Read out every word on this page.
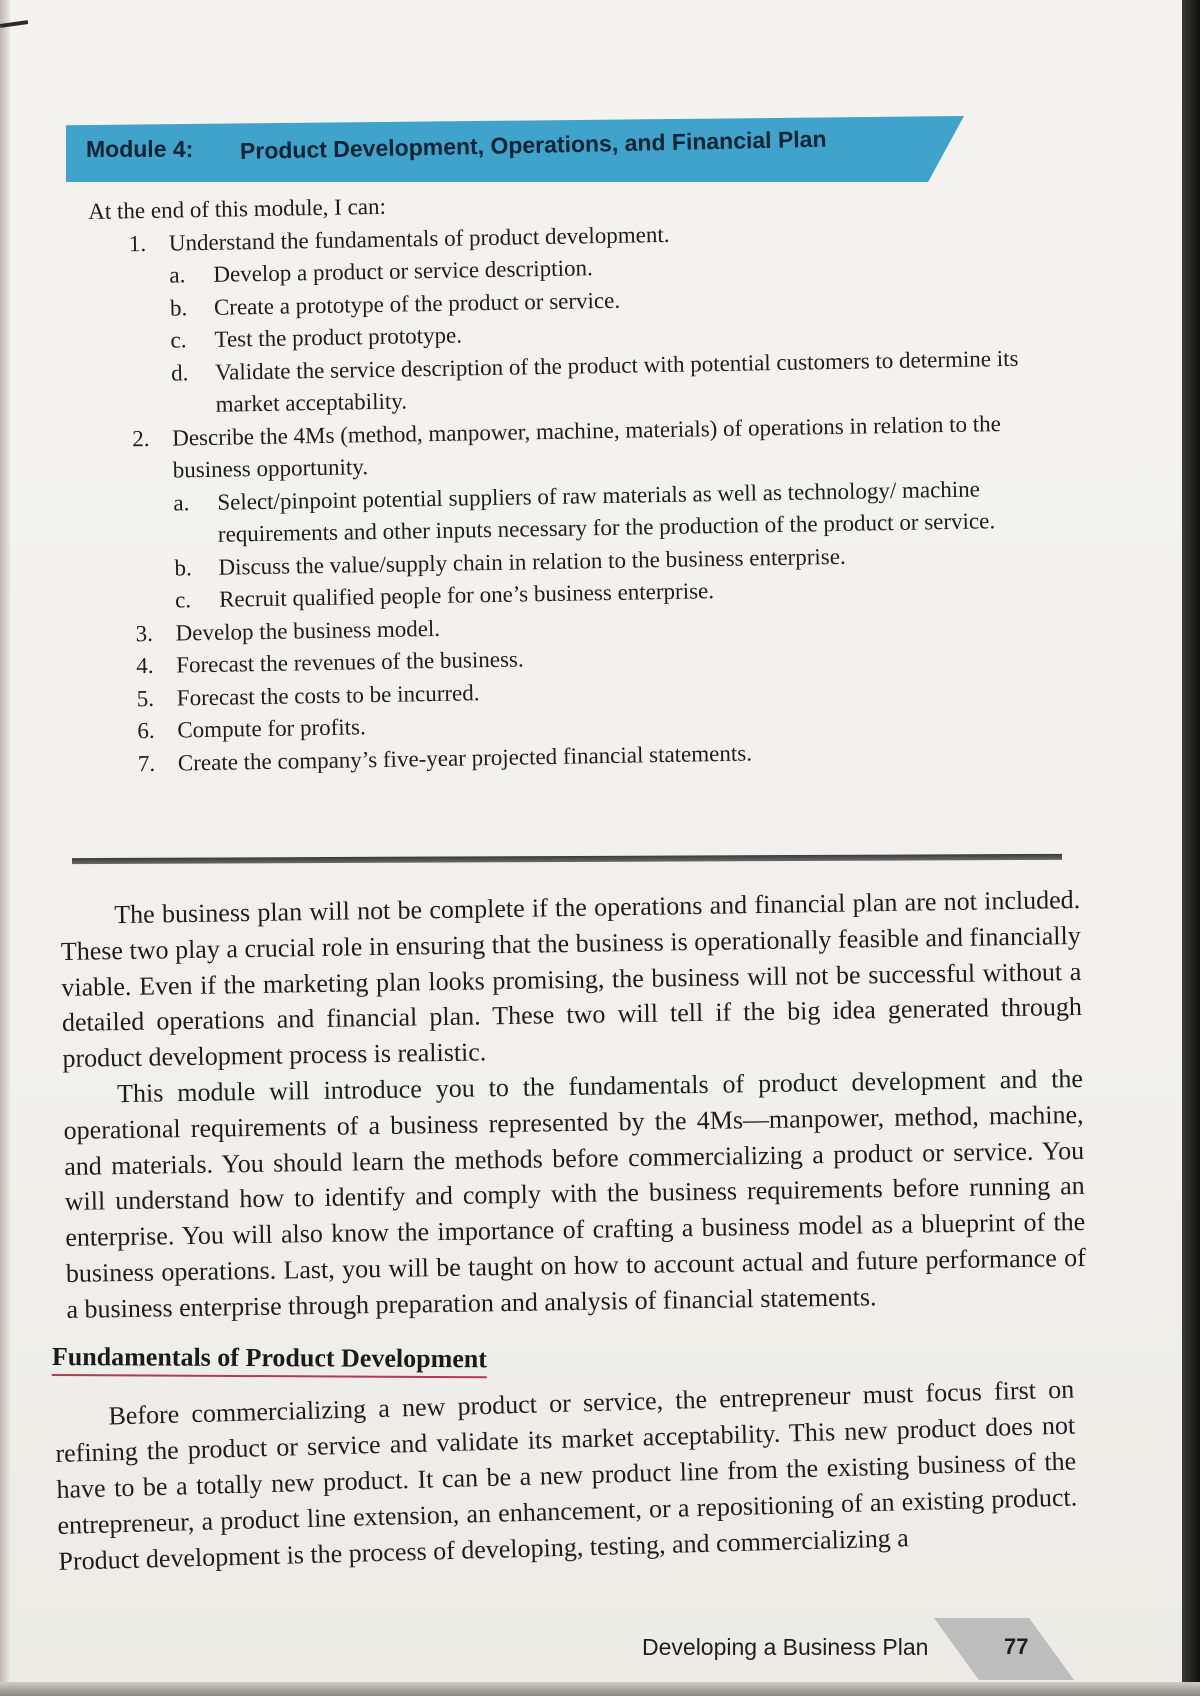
Module 4: Product Development, Operations, and Financial Plan

At the end of this module, I can:

1. Understand the fundamentals of product development.
a. Develop a product or service description.
b. Create a prototype of the product or service.
c. Test the product prototype.
d. Validate the service description of the product with potential customers to determine its market acceptability.
2. Describe the 4Ms (method, manpower, machine, materials) of operations in relation to the business opportunity.
a. Select/pinpoint potential suppliers of raw materials as well as technology/ machine requirements and other inputs necessary for the production of the product or service.
b. Discuss the value/supply chain in relation to the business enterprise.
c. Recruit qualified people for one’s business enterprise.
3. Develop the business model.
4. Forecast the revenues of the business.
5. Forecast the costs to be incurred.
6. Compute for profits.
7. Create the company’s five-year projected financial statements.

The business plan will not be complete if the operations and financial plan are not included. These two play a crucial role in ensuring that the business is operationally feasible and financially viable. Even if the marketing plan looks promising, the business will not be successful without a detailed operations and financial plan. These two will tell if the big idea generated through product development process is realistic.

This module will introduce you to the fundamentals of product development and the operational requirements of a business represented by the 4Ms—manpower, method, machine, and materials. You should learn the methods before commercializing a product or service. You will understand how to identify and comply with the business requirements before running an enterprise. You will also know the importance of crafting a business model as a blueprint of the business operations. Last, you will be taught on how to account actual and future performance of a business enterprise through preparation and analysis of financial statements.

Fundamentals of Product Development

Before commercializing a new product or service, the entrepreneur must focus first on refining the product or service and validate its market acceptability. This new product does not have to be a totally new product. It can be a new product line from the existing business of the entrepreneur, a product line extension, an enhancement, or a repositioning of an existing product. Product development is the process of developing, testing, and commercializing a

Developing a Business Plan	77
